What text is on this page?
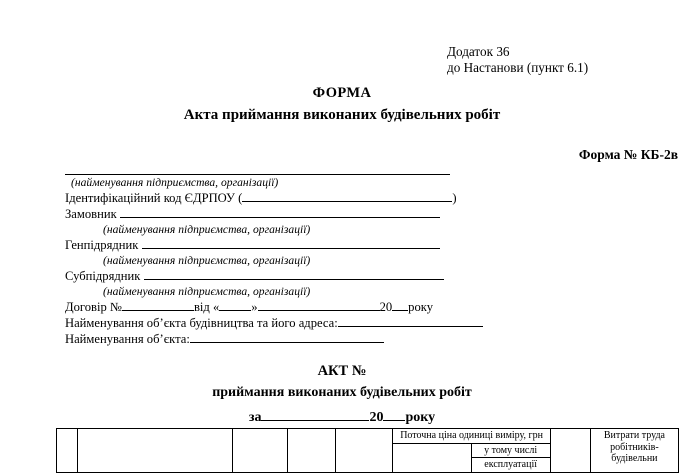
Додаток 36
до Настанови (пункт 6.1)
ФОРМА
Акта приймання виконаних будівельних робіт
Форма № КБ-2в
(найменування підприємства, організації)
Ідентифікаційний код ЄДРПОУ (	)
Замовник
(найменування підприємства, організації)
Генпідрядник
(найменування підприємства, організації)
Субпідрядник
(найменування підприємства, організації)
Договір №	від «	»	20 року
Найменування об’єкта будівництва та його адреса:
Найменування об’єкта:
АКТ №
приймання виконаних будівельних робіт
за	20 року
					Поточна ціна одиниці виміру, грн			Витрати труда робітників-будівельни
						у тому числі		
						експлуатації		
